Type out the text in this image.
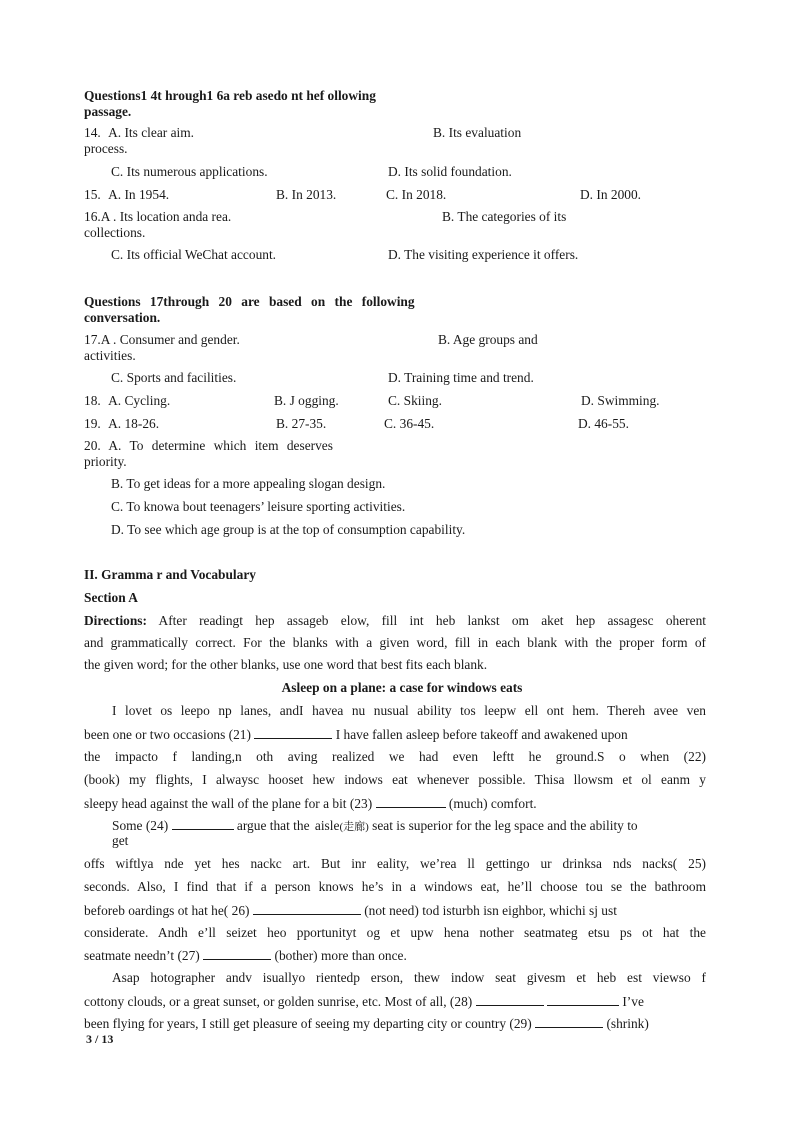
Questions1 4t hrough1 6a reb asedo nt hef ollowing
passage.
14. A. Its clear aim.	B. Its evaluation
process.
C. Its numerous applications.	D. Its solid foundation.
15. A. In 1954.	B. In 2013.	C. In 2018.	D. In 2000.
16.A . Its location anda rea.	B. The categories of its
collections.
C. Its official WeChat account.	D. The visiting experience it offers.
Questions 17through 20 are based on the following
conversation.
17.A . Consumer and gender.	B. Age groups and
activities.
C. Sports and facilities.	D. Training time and trend.
18. A. Cycling.	B. J ogging.	C. Skiing.	D. Swimming.
19. A. 18-26.	B. 27-35.	C. 36-45.	D. 46-55.
20. A. To determine which item deserves
priority.
B. To get ideas for a more appealing slogan design.
C. To knowa bout teenagers’ leisure sporting activities.
D. To see which age group is at the top of consumption capability.
II. Gramma r and Vocabulary
Section A
Directions: After readingt hep assageb elow, fill int heb lankst om aket hep assagesc oherent
and grammatically correct. For the blanks with a given word, fill in each blank with the proper form of
the given word; for the other blanks, use one word that best fits each blank.
Asleep on a plane: a case for windows eats
I lovet os leepo np lanes, andI havea nu nusual ability tos leepw ell ont hem. Thereh avee ven
been one or two occasions (21)	I have fallen asleep before takeoff and awakened upon
the impacto f landing,n oth aving realized we had even leftt he ground.S o when (22)
(book) my flights, I alwaysc hooset hew indows eat whenever possible. Thisa llowsm et ol eanm y
sleepy head against the wall of the plane for a bit (23)	(much) comfort.
Some (24)	argue that the aisle(走廊) seat is superior for the leg space and the ability to
get
offs wiftlya nde yet hes nackc art. But inr eality, we’rea ll gettingo ur drinksa nds nacks( 25)
seconds. Also, I find that if a person knows he’s in a windows eat, he’ll choose tou se the bathroom
beforeb oardings ot hat he( 26)	(not need) tod isturbh isn eighbor, whichi sj ust
considerate. Andh e’ll seizet heo pportunityt og et upw hena nother seatmateg etsu ps ot hat the
seatmate needn’t (27)	(bother) more than once.
Asap hotographer andv isuallyo rientedp erson, thew indow seat givesm et heb est viewso f
cottony clouds, or a great sunset, or golden sunrise, etc. Most of all, (28)	I’ve
been flying for years, I still get pleasure of seeing my departing city or country (29)	(shrink)
3 / 13
